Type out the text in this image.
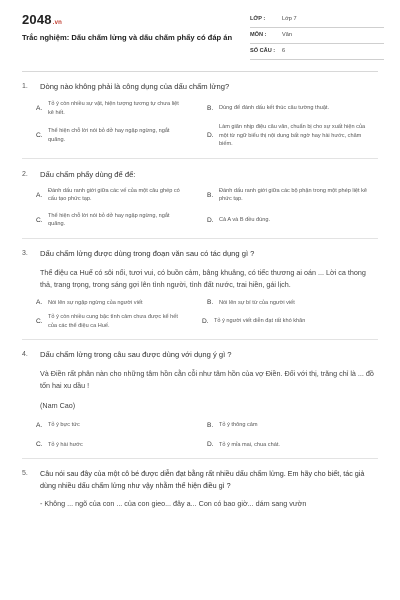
2048.vn
Trắc nghiệm: Dấu chấm lửng và dấu chấm phẩy có đáp án
LỚP :	Lớp 7
MÔN :	Văn
SỐ CÂU : 6
1. Dòng nào không phải là công dụng của dấu chấm lửng?
A.
Tỏ ý còn nhiều sự vật, hiện tượng tương tự chưa liệt kê hết.
B.	Dùng để đánh dấu kết thúc câu tường thuật.
C.
Thể hiện chỗ lời nói bỏ dở hay ngập ngừng, ngắt quãng.
D.
Làm giãn nhịp điệu câu văn, chuẩn bị cho sự xuất hiện của một từ ngữ biểu thị nội dung bất ngờ hay hài hước, châm biếm.
2. Dấu chấm phẩy dùng để để:
A.
Đánh dấu ranh giới giữa các vế của một câu ghép có cấu tạo phức tạp.
B.
Đánh dấu ranh giới giữa các bộ phận trong một phép liệt kê phức tạp.
C.
Thể hiện chỗ lời nói bỏ dở hay ngập ngừng, ngắt quãng.
D. Cả A và B đều đúng.
3. Dấu chấm lửng được dùng trong đoạn văn sau có tác dụng gì ?
Thể điệu ca Huế có sôi nổi, tươi vui, có buồn cảm, bâng khuâng, có tiếc thương ai oán ... Lời ca thong thả, trang trọng, trong sáng gợi lên tình người, tình đất nước, trai hiền, gái lịch.
A.	Nói lên sự ngập ngừng của người viết	B.	Nói lên sự bí từ của người viết
C.
Tỏ ý còn nhiều cung bậc tình cảm chưa được kể hết của các thể điệu ca Huế.
D. Tỏ ý người viết diễn đạt rất khó khăn
4. Dấu chấm lửng trong câu sau được dùng với dụng ý gì ?
Và Điền rất phân nàn cho những tâm hồn cằn cỗi như tâm hồn của vợ Điền. Đối với thị, trăng chỉ là ... đồ tốn hai xu dầu !
(Nam Cao)
A.	Tỏ ý bực tức	B.	Tỏ ý thông cảm
C. Tỏ ý hài hước	D. Tỏ ý mỉa mai, chua chát.
5. Câu nói sau đây của một cô bé được diễn đạt bằng rất nhiều dấu chấm lửng. Em hãy cho biết, tác giả dùng nhiều dấu chấm lửng như vậy nhằm thể hiện điều gì ?
- Không ... ngõ của con ... của con gieo... đây a... Con có bao giờ... dám sang vườn
